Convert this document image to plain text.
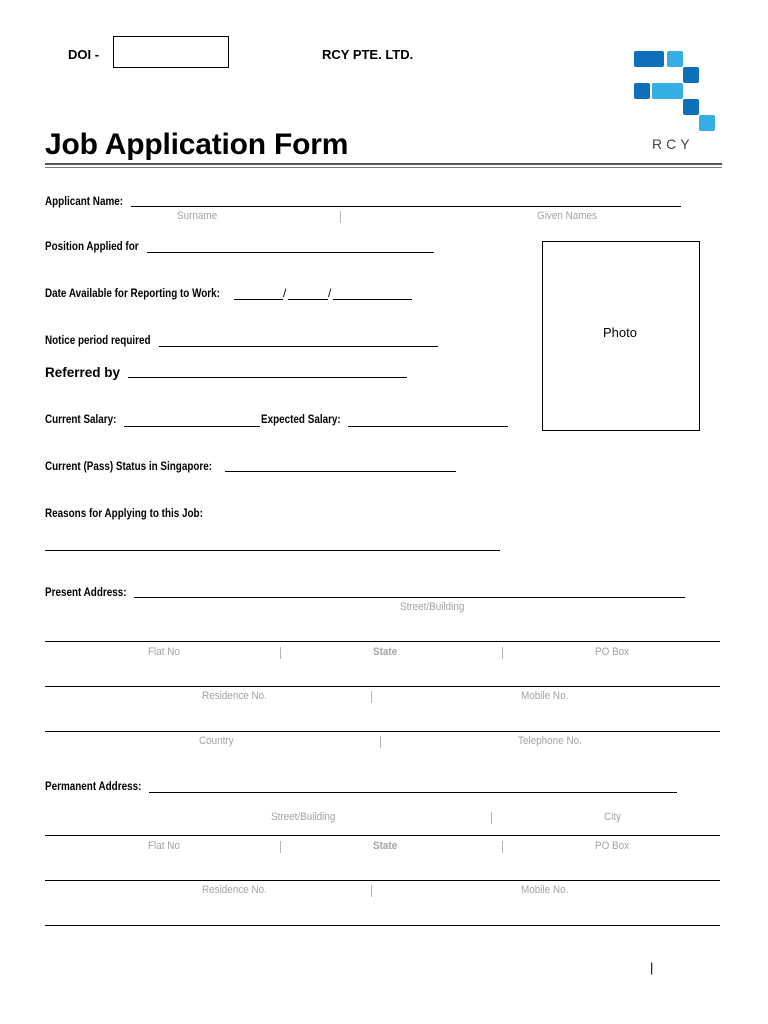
DOI -	RCY PTE. LTD.
RCY
Job Application Form
Applicant Name:
Surname	Given Names
Position Applied for
Photo
Date Available for Reporting to Work:	/	/
Notice period required
Referred by
Current Salary:	Expected Salary:
Current (Pass) Status in Singapore:
Reasons for Applying to this Job:
Present Address:
Street/Building
Flat No	State	PO Box
Residence No.	Mobile No.
Country	Telephone No.
Permanent Address:
Street/Building	City
Flat No	State	PO Box
Residence No.	Mobile No.
|
